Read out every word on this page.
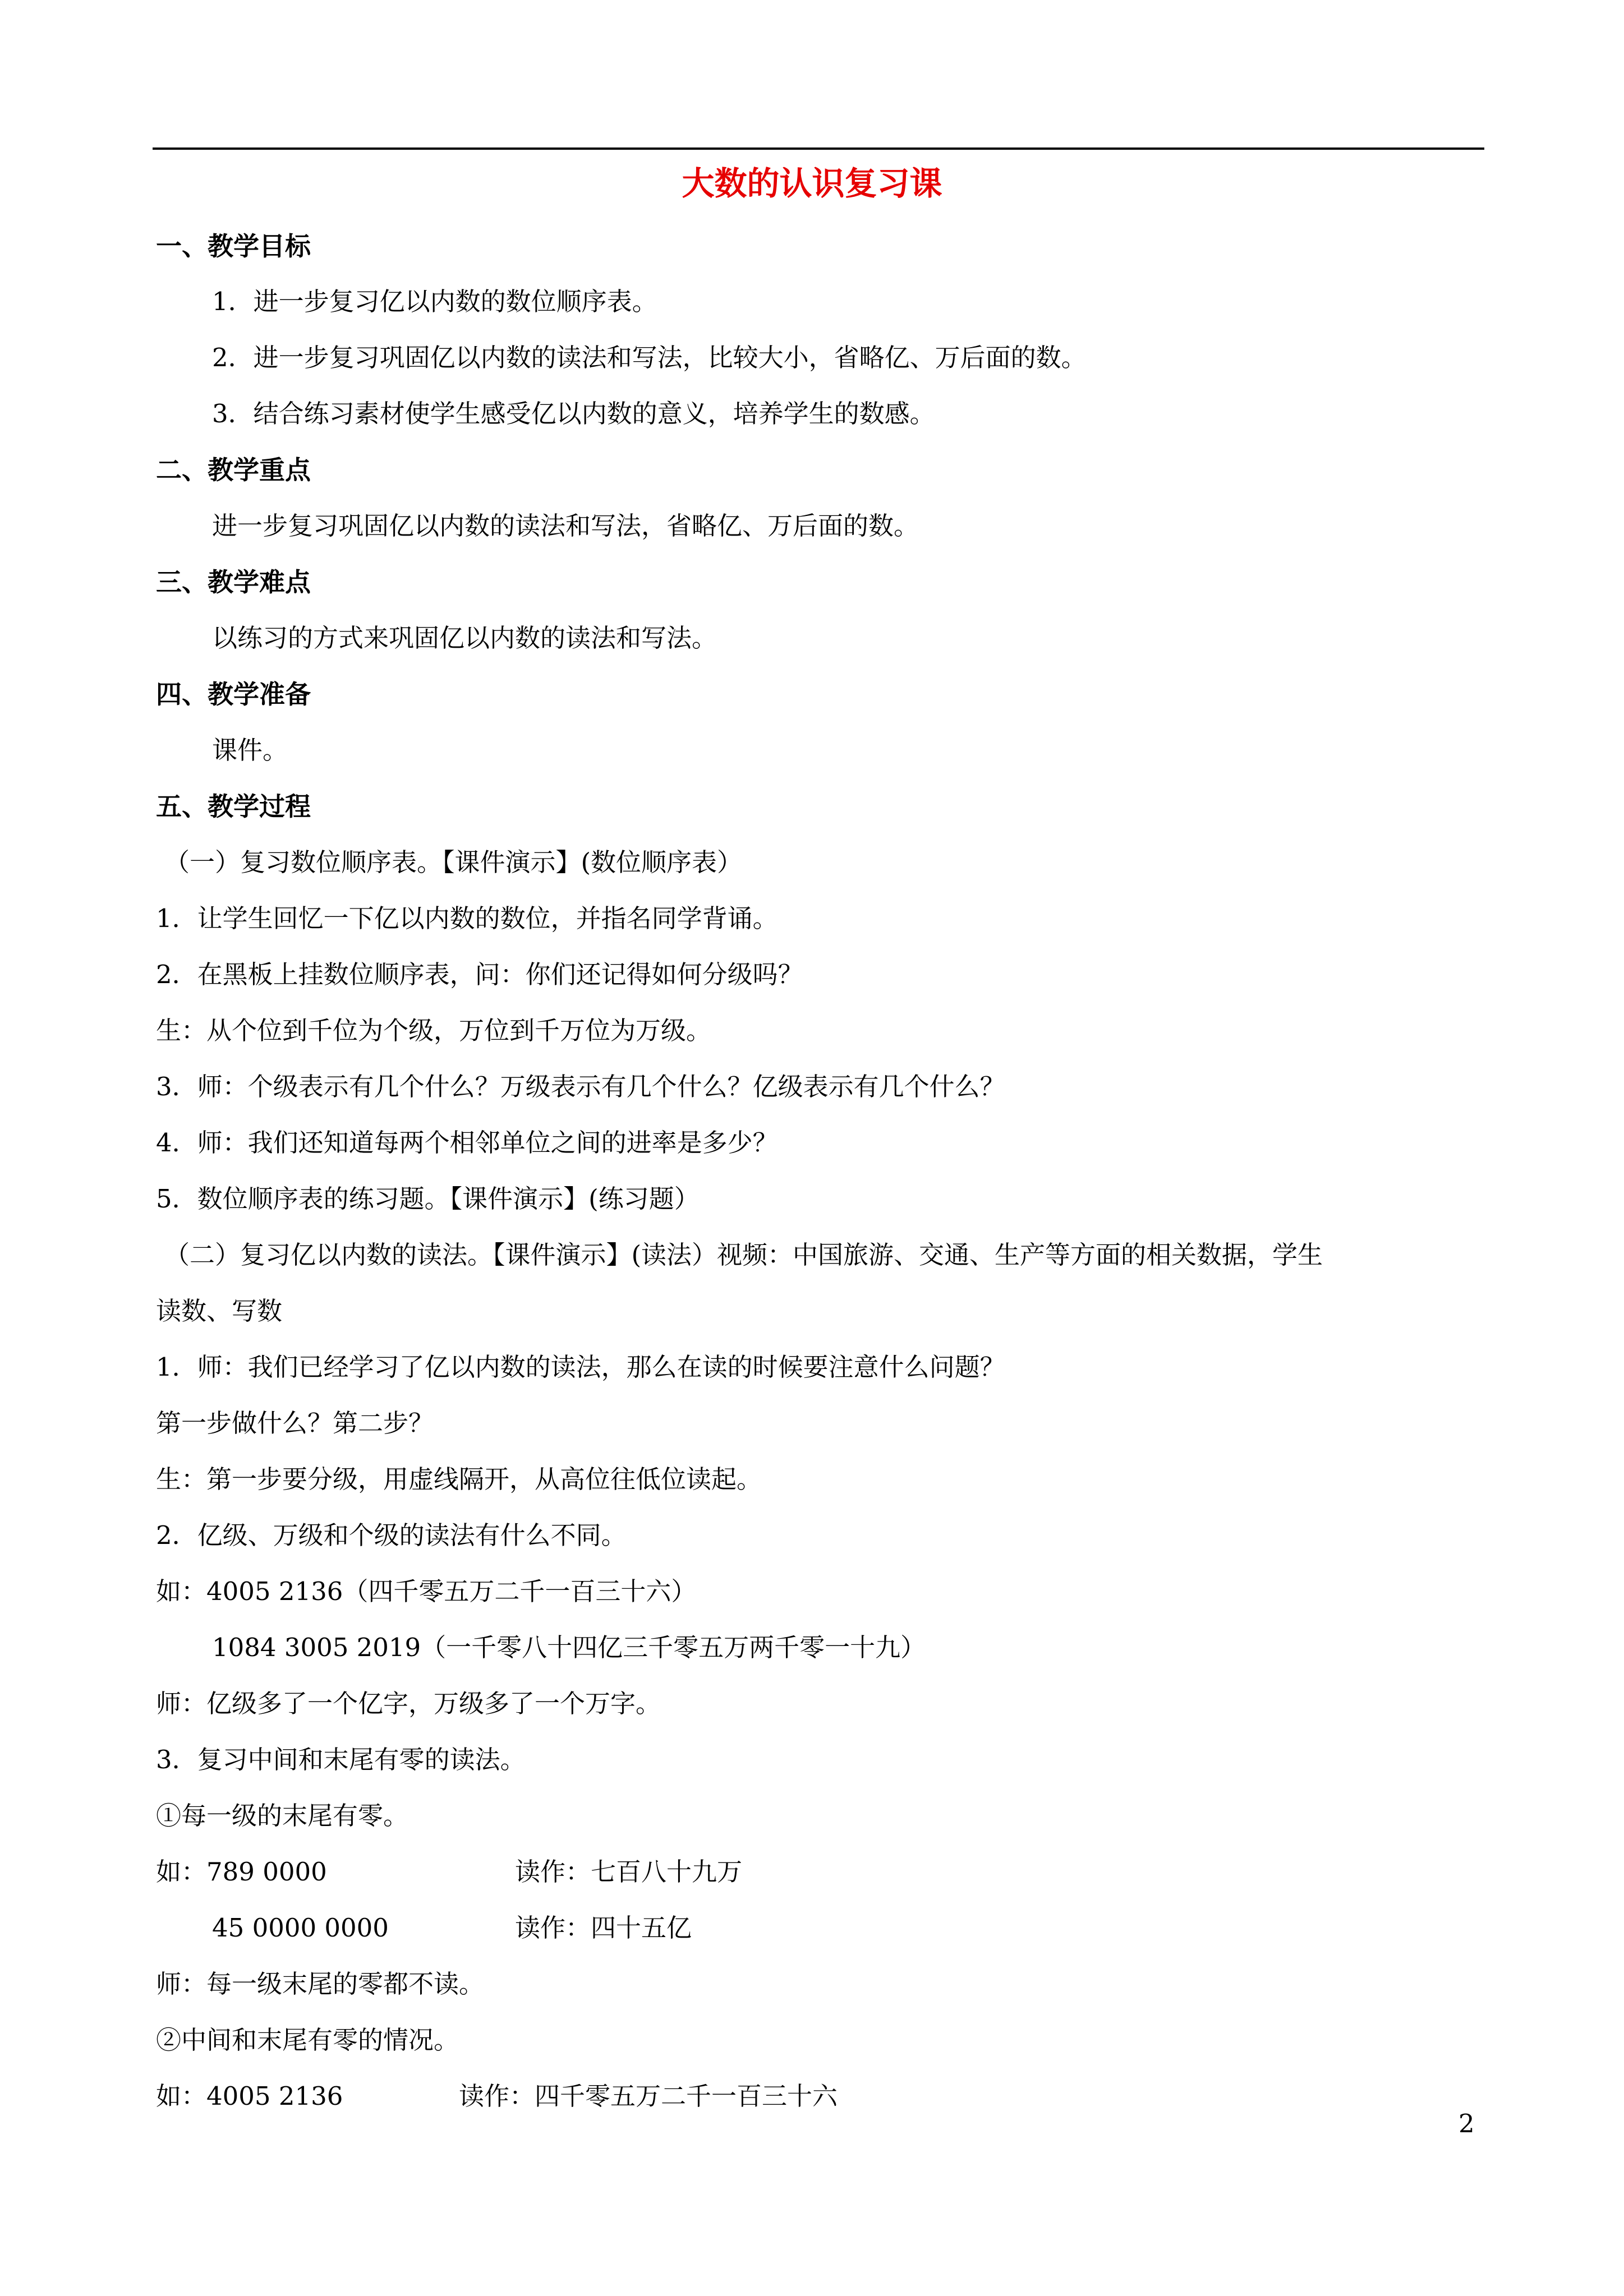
大数的认识复习课
一、教学目标
1．进一步复习亿以内数的数位顺序表。
2．进一步复习巩固亿以内数的读法和写法，比较大小，省略亿、万后面的数。
3．结合练习素材使学生感受亿以内数的意义，培养学生的数感。
二、教学重点
进一步复习巩固亿以内数的读法和写法，省略亿、万后面的数。
三、教学难点
以练习的方式来巩固亿以内数的读法和写法。
四、教学准备
课件。
五、教学过程
（一）复习数位顺序表。【课件演示】(数位顺序表）
1．让学生回忆一下亿以内数的数位，并指名同学背诵。
2．在黑板上挂数位顺序表，问：你们还记得如何分级吗？
生：从个位到千位为个级，万位到千万位为万级。
3．师：个级表示有几个什么？万级表示有几个什么？亿级表示有几个什么？
4．师：我们还知道每两个相邻单位之间的进率是多少？
5．数位顺序表的练习题。【课件演示】(练习题）
（二）复习亿以内数的读法。【课件演示】(读法）视频：中国旅游、交通、生产等方面的相关数据，学生
读数、写数
1．师：我们已经学习了亿以内数的读法，那么在读的时候要注意什么问题？
第一步做什么？第二步？
生：第一步要分级，用虚线隔开，从高位往低位读起。
2．亿级、万级和个级的读法有什么不同。
如：4005 2136（四千零五万二千一百三十六）
1084 3005 2019（一千零八十四亿三千零五万两千零一十九）
师：亿级多了一个亿字，万级多了一个万字。
3．复习中间和末尾有零的读法。
①每一级的末尾有零。
如：789 0000	读作：七百八十九万
45 0000 0000	读作：四十五亿
师：每一级末尾的零都不读。
②中间和末尾有零的情况。
如：4005 2136	读作：四千零五万二千一百三十六
2
